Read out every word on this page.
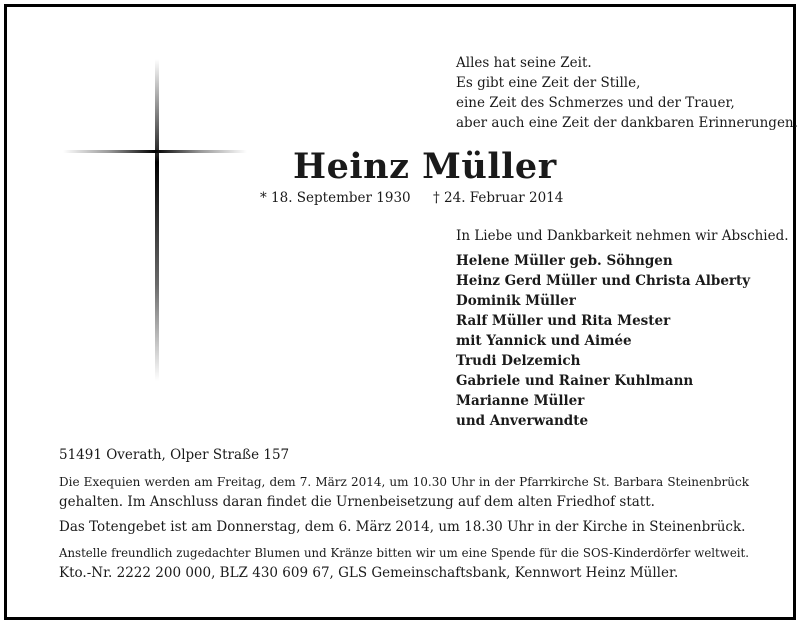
Alles hat seine Zeit.
Es gibt eine Zeit der Stille,
eine Zeit des Schmerzes und der Trauer,
aber auch eine Zeit der dankbaren Erinnerungen.
Heinz Müller
* 18. September 1930 † 24. Februar 2014
In Liebe und Dankbarkeit nehmen wir Abschied.
Helene Müller geb. Söhngen
Heinz Gerd Müller und Christa Alberty
Dominik Müller
Ralf Müller und Rita Mester
mit Yannick und Aimée
Trudi Delzemich
Gabriele und Rainer Kuhlmann
Marianne Müller
und Anverwandte
51491 Overath, Olper Straße 157
Die Exequien werden am Freitag, dem 7. März 2014, um 10.30 Uhr in der Pfarrkirche St. Barbara Steinenbrück
gehalten. Im Anschluss daran findet die Urnenbeisetzung auf dem alten Friedhof statt.
Das Totengebet ist am Donnerstag, dem 6. März 2014, um 18.30 Uhr in der Kirche in Steinenbrück.
Anstelle freundlich zugedachter Blumen und Kränze bitten wir um eine Spende für die SOS-Kinderdörfer weltweit.
Kto.-Nr. 2222 200 000, BLZ 430 609 67, GLS Gemeinschaftsbank, Kennwort Heinz Müller.
